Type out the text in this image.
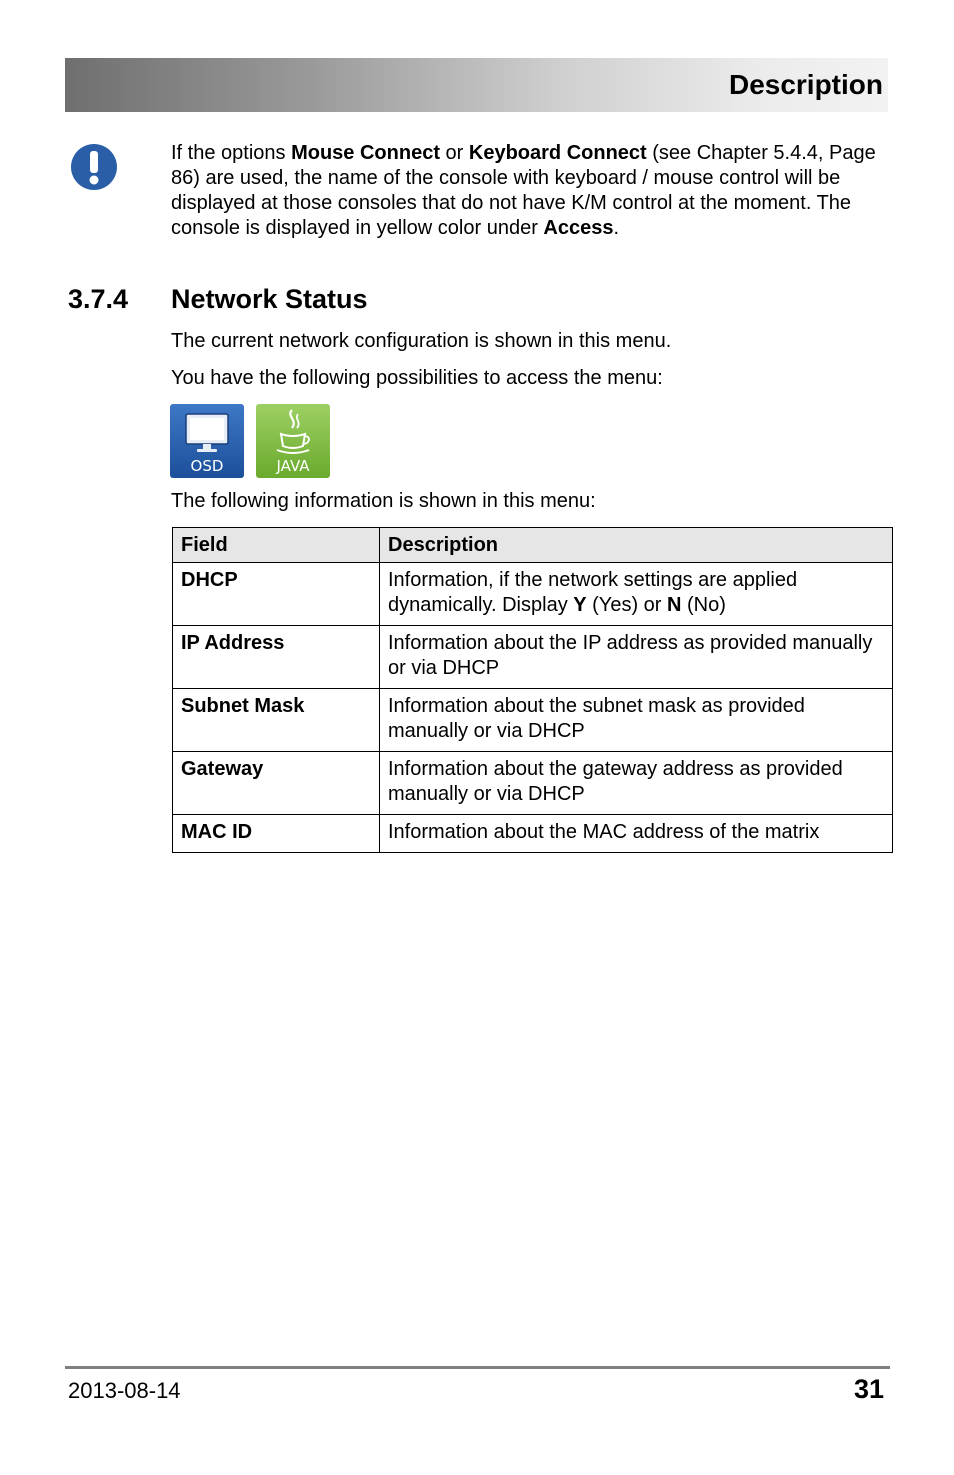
Description
If the options Mouse Connect or Keyboard Connect (see Chapter 5.4.4, Page 86) are used, the name of the console with keyboard / mouse control will be displayed at those consoles that do not have K/M control at the moment. The console is displayed in yellow color under Access.
3.7.4 Network Status
The current network configuration is shown in this menu.
You have the following possibilities to access the menu:
OSD	JAVA
The following information is shown in this menu:
Field	Description
DHCP	Information, if the network settings are applied dynamically. Display Y (Yes) or N (No)
IP Address	Information about the IP address as provided manually or via DHCP
Subnet Mask	Information about the subnet mask as provided manually or via DHCP
Gateway	Information about the gateway address as provided manually or via DHCP
MAC ID	Information about the MAC address of the matrix
2013-08-14	31
